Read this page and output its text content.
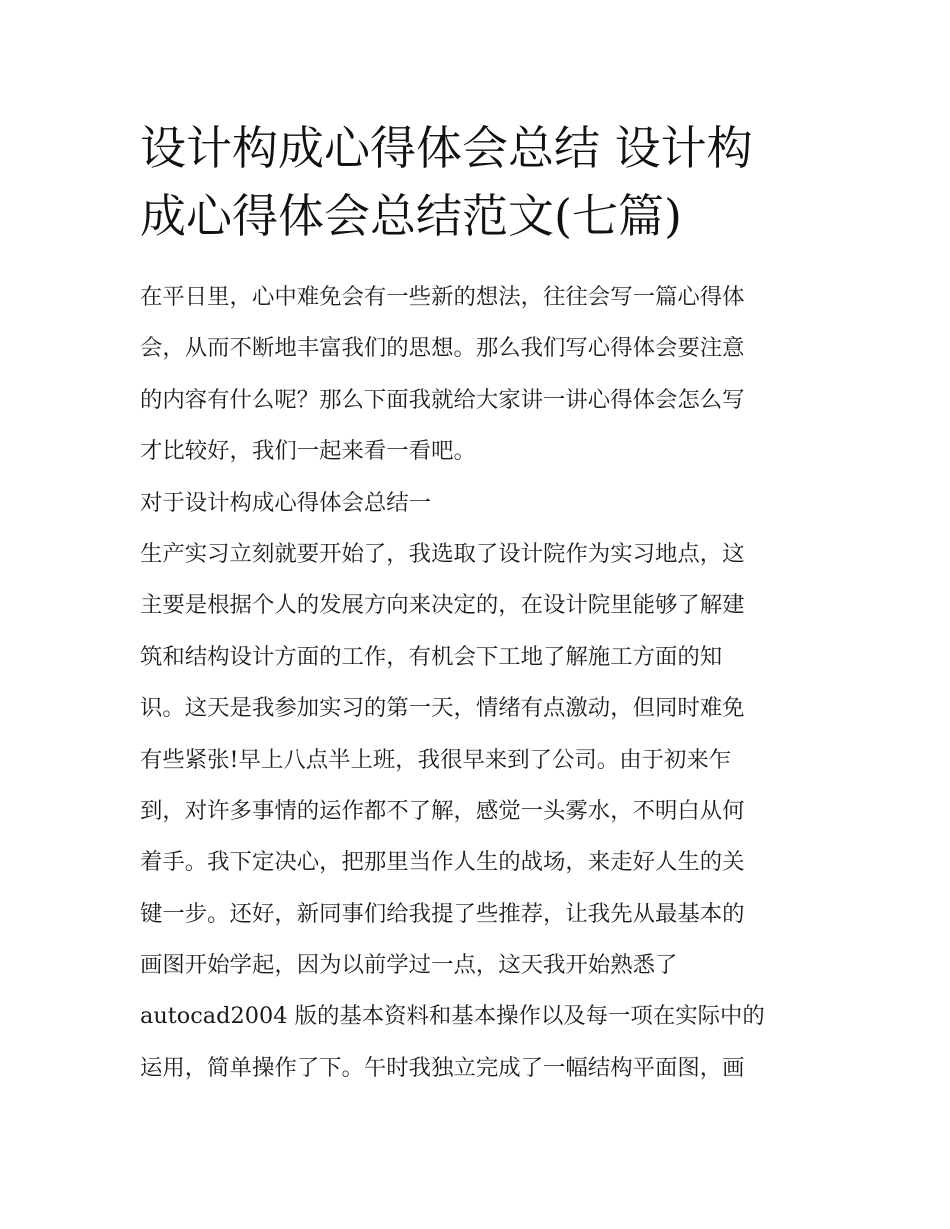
设计构成心得体会总结 设计构
成心得体会总结范文(七篇)
在平日里，心中难免会有一些新的想法，往往会写一篇心得体
会，从而不断地丰富我们的思想。那么我们写心得体会要注意
的内容有什么呢？那么下面我就给大家讲一讲心得体会怎么写
才比较好，我们一起来看一看吧。
对于设计构成心得体会总结一
生产实习立刻就要开始了，我选取了设计院作为实习地点，这
主要是根据个人的发展方向来决定的，在设计院里能够了解建
筑和结构设计方面的工作，有机会下工地了解施工方面的知
识。这天是我参加实习的第一天，情绪有点激动，但同时难免
有些紧张!早上八点半上班，我很早来到了公司。由于初来乍
到，对许多事情的运作都不了解，感觉一头雾水，不明白从何
着手。我下定决心，把那里当作人生的战场，来走好人生的关
键一步。还好，新同事们给我提了些推荐，让我先从最基本的
画图开始学起，因为以前学过一点，这天我开始熟悉了
autocad2004 版的基本资料和基本操作以及每一项在实际中的
运用，简单操作了下。午时我独立完成了一幅结构平面图，画
